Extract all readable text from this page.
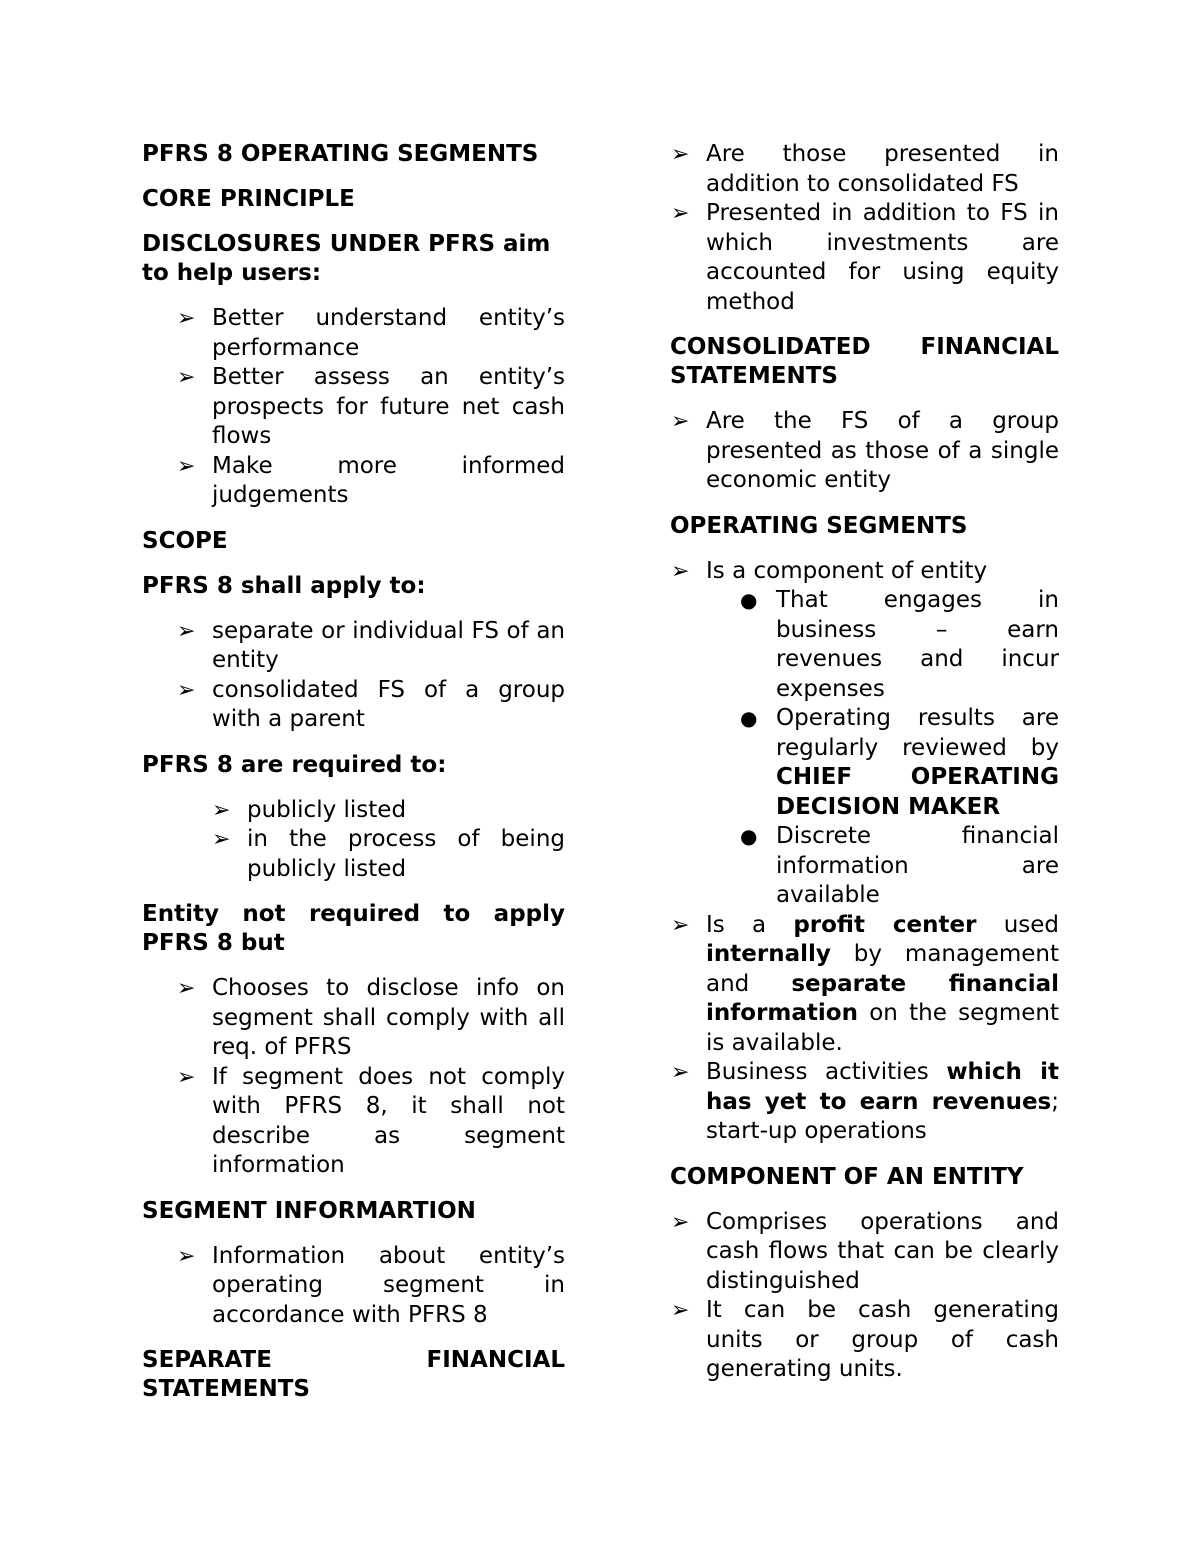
PFRS 8 OPERATING SEGMENTS
CORE PRINCIPLE
DISCLOSURES UNDER PFRS aim to help users:
➢ Better understand entity’s performance
➢ Better assess an entity’s prospects for future net cash flows
➢ Make more informed judgements
SCOPE
PFRS 8 shall apply to:
➢ separate or individual FS of an entity
➢ consolidated FS of a group with a parent
PFRS 8 are required to:
➢ publicly listed
➢ in the process of being publicly listed
Entity not required to apply PFRS 8 but
➢ Chooses to disclose info on segment shall comply with all req. of PFRS
➢ If segment does not comply with PFRS 8, it shall not describe as segment information
SEGMENT INFORMARTION
➢ Information about entity’s operating segment in accordance with PFRS 8
SEPARATE FINANCIAL STATEMENTS
➢ Are those presented in addition to consolidated FS
➢ Presented in addition to FS in which investments are accounted for using equity method
CONSOLIDATED FINANCIAL STATEMENTS
➢ Are the FS of a group presented as those of a single economic entity
OPERATING SEGMENTS
➢ Is a component of entity
● That engages in business – earn revenues and incur expenses
● Operating results are regularly reviewed by CHIEF OPERATING DECISION MAKER
● Discrete financial information are available
➢ Is a profit center used internally by management and separate financial information on the segment is available.
➢ Business activities which it has yet to earn revenues; start-up operations
COMPONENT OF AN ENTITY
➢ Comprises operations and cash flows that can be clearly distinguished
➢ It can be cash generating units or group of cash generating units.
